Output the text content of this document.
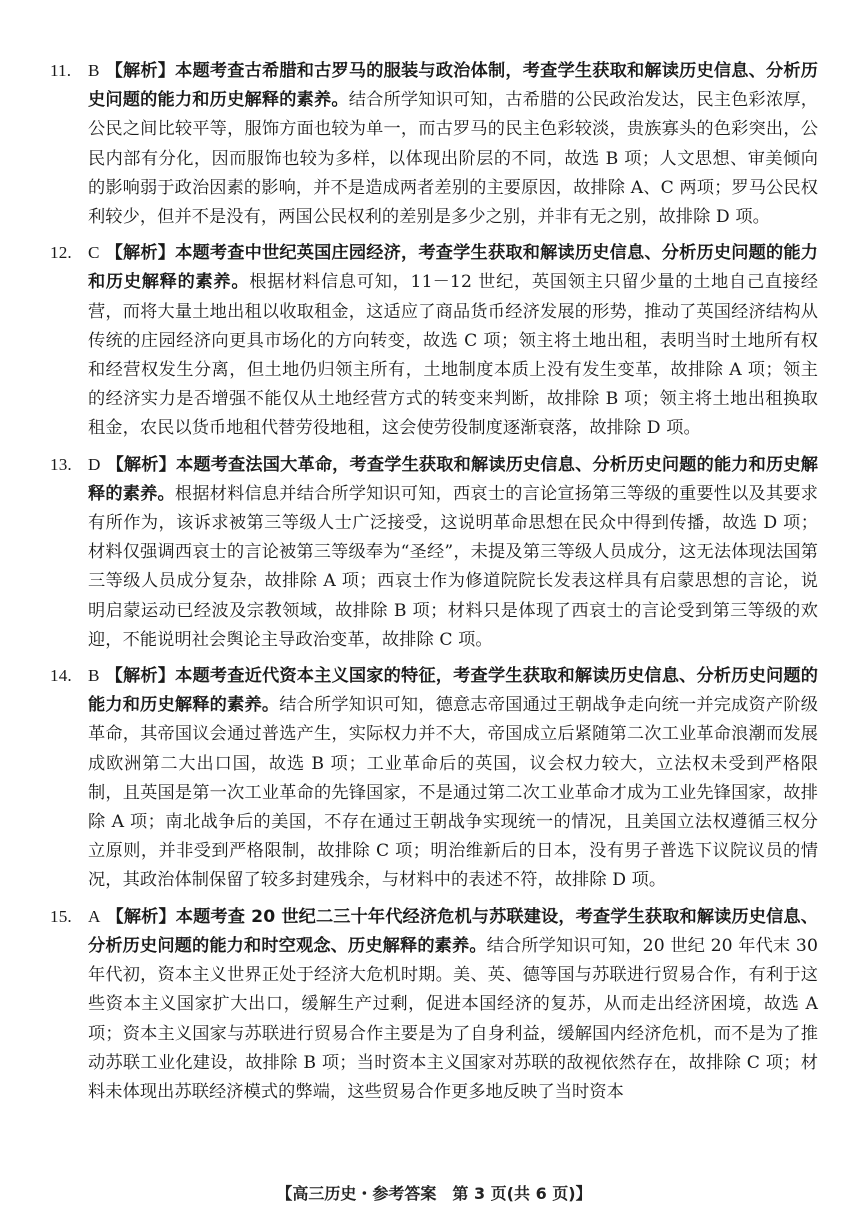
11. B 【解析】本题考查古希腊和古罗马的服装与政治体制，考查学生获取和解读历史信息、分析历史问题的能力和历史解释的素养。结合所学知识可知，古希腊的公民政治发达，民主色彩浓厚，公民之间比较平等，服饰方面也较为单一，而古罗马的民主色彩较淡，贵族寡头的色彩突出，公民内部有分化，因而服饰也较为多样，以体现出阶层的不同，故选 B 项；人文思想、审美倾向的影响弱于政治因素的影响，并不是造成两者差别的主要原因，故排除 A、C 两项；罗马公民权利较少，但并不是没有，两国公民权利的差别是多少之别，并非有无之别，故排除 D 项。
12. C 【解析】本题考查中世纪英国庄园经济，考查学生获取和解读历史信息、分析历史问题的能力和历史解释的素养。根据材料信息可知，11－12 世纪，英国领主只留少量的土地自己直接经营，而将大量土地出租以收取租金，这适应了商品货币经济发展的形势，推动了英国经济结构从传统的庄园经济向更具市场化的方向转变，故选 C 项；领主将土地出租，表明当时土地所有权和经营权发生分离，但土地仍归领主所有，土地制度本质上没有发生变革，故排除 A 项；领主的经济实力是否增强不能仅从土地经营方式的转变来判断，故排除 B 项；领主将土地出租换取租金，农民以货币地租代替劳役地租，这会使劳役制度逐渐衰落，故排除 D 项。
13. D 【解析】本题考查法国大革命，考查学生获取和解读历史信息、分析历史问题的能力和历史解释的素养。根据材料信息并结合所学知识可知，西哀士的言论宣扬第三等级的重要性以及其要求有所作为，该诉求被第三等级人士广泛接受，这说明革命思想在民众中得到传播，故选 D 项；材料仅强调西哀士的言论被第三等级奉为“圣经”，未提及第三等级人员成分，这无法体现法国第三等级人员成分复杂，故排除 A 项；西哀士作为修道院院长发表这样具有启蒙思想的言论，说明启蒙运动已经波及宗教领域，故排除 B 项；材料只是体现了西哀士的言论受到第三等级的欢迎，不能说明社会舆论主导政治变革，故排除 C 项。
14. B 【解析】本题考查近代资本主义国家的特征，考查学生获取和解读历史信息、分析历史问题的能力和历史解释的素养。结合所学知识可知，德意志帝国通过王朝战争走向统一并完成资产阶级革命，其帝国议会通过普选产生，实际权力并不大，帝国成立后紧随第二次工业革命浪潮而发展成欧洲第二大出口国，故选 B 项；工业革命后的英国，议会权力较大，立法权未受到严格限制，且英国是第一次工业革命的先锋国家，不是通过第二次工业革命才成为工业先锋国家，故排除 A 项；南北战争后的美国，不存在通过王朝战争实现统一的情况，且美国立法权遵循三权分立原则，并非受到严格限制，故排除 C 项；明治维新后的日本，没有男子普选下议院议员的情况，其政治体制保留了较多封建残余，与材料中的表述不符，故排除 D 项。
15. A 【解析】本题考查 20 世纪二三十年代经济危机与苏联建设，考查学生获取和解读历史信息、分析历史问题的能力和时空观念、历史解释的素养。结合所学知识可知，20 世纪 20 年代末 30 年代初，资本主义世界正处于经济大危机时期。美、英、德等国与苏联进行贸易合作，有利于这些资本主义国家扩大出口，缓解生产过剩，促进本国经济的复苏，从而走出经济困境，故选 A 项；资本主义国家与苏联进行贸易合作主要是为了自身利益，缓解国内经济危机，而不是为了推动苏联工业化建设，故排除 B 项；当时资本主义国家对苏联的敌视依然存在，故排除 C 项；材料未体现出苏联经济模式的弊端，这些贸易合作更多地反映了当时资本
【高三历史・参考答案　第 3 页(共 6 页)】
